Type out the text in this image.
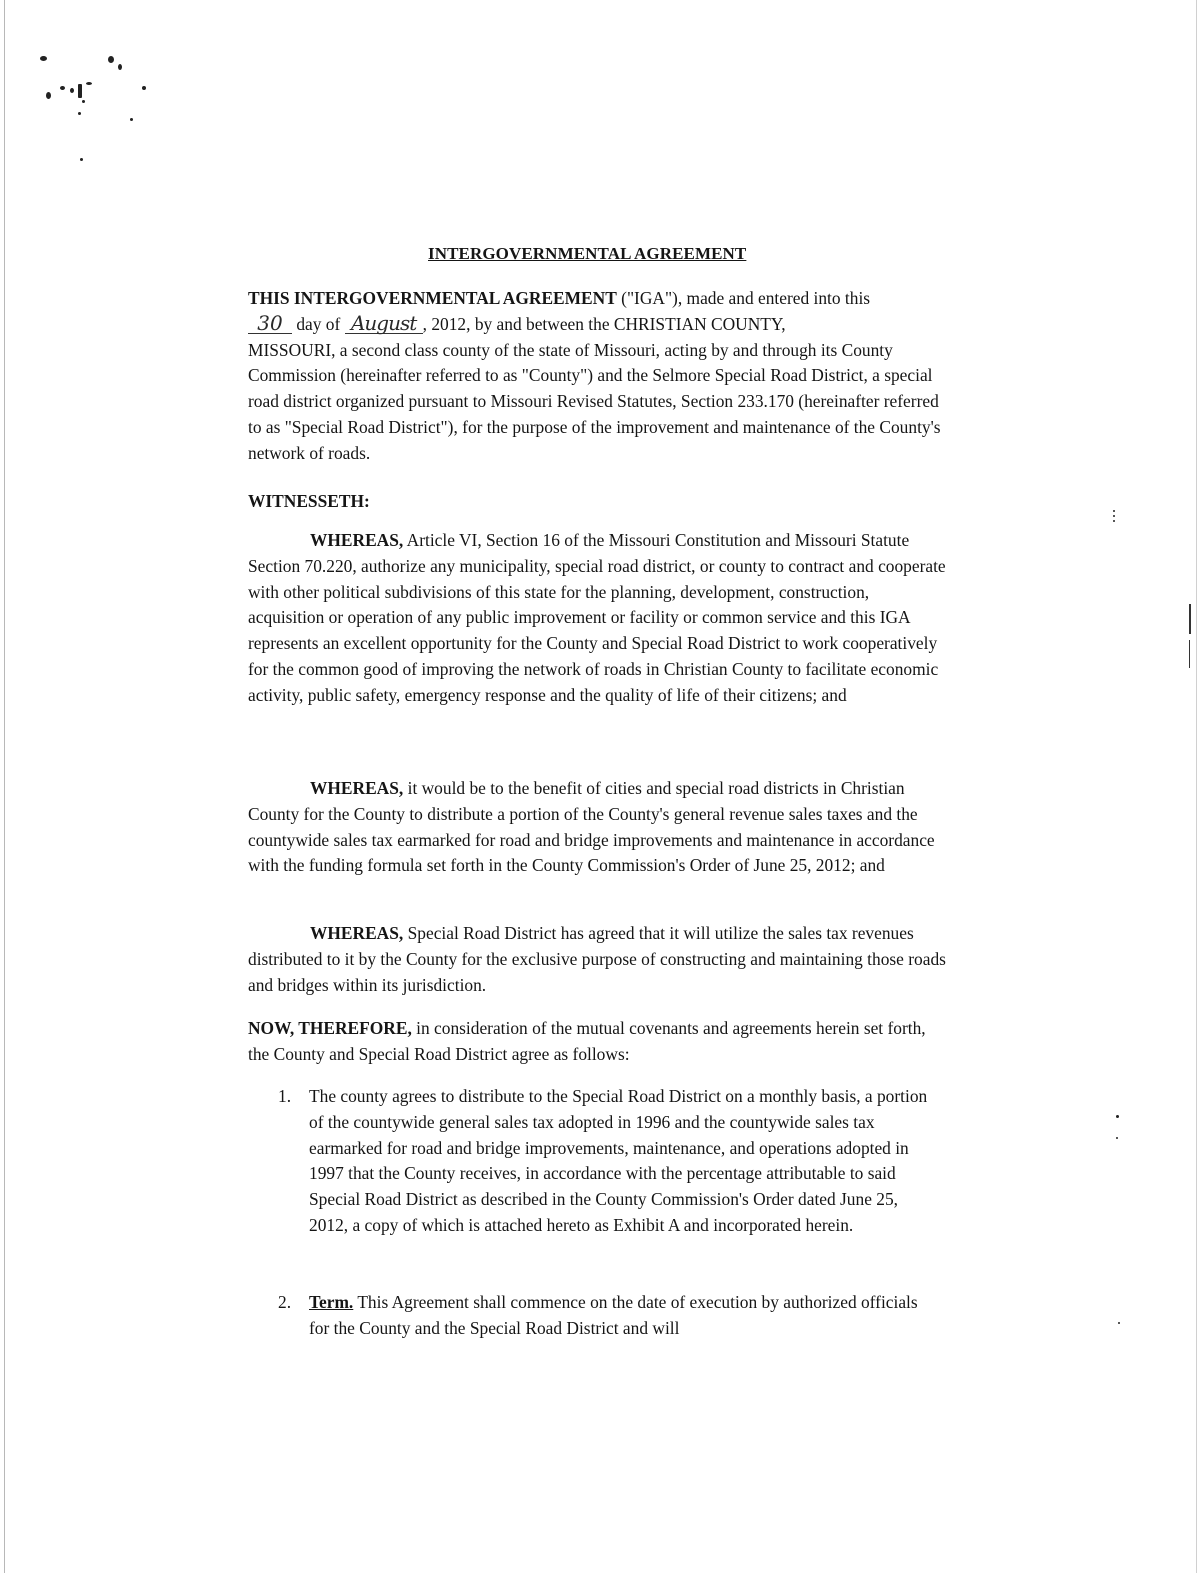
INTERGOVERNMENTAL AGREEMENT

THIS INTERGOVERNMENTAL AGREEMENT ("IGA"), made and entered into this
30 day of August , 2012, by and between the CHRISTIAN COUNTY,
MISSOURI, a second class county of the state of Missouri, acting by and through its County Commission (hereinafter referred to as "County") and the Selmore Special Road District, a special road district organized pursuant to Missouri Revised Statutes, Section 233.170 (hereinafter referred to as "Special Road District"), for the purpose of the improvement and maintenance of the County's network of roads.

WITNESSETH:

WHEREAS, Article VI, Section 16 of the Missouri Constitution and Missouri Statute Section 70.220, authorize any municipality, special road district, or county to contract and cooperate with other political subdivisions of this state for the planning, development, construction, acquisition or operation of any public improvement or facility or common service and this IGA represents an excellent opportunity for the County and Special Road District to work cooperatively for the common good of improving the network of roads in Christian County to facilitate economic activity, public safety, emergency response and the quality of life of their citizens; and

WHEREAS, it would be to the benefit of cities and special road districts in Christian County for the County to distribute a portion of the County's general revenue sales taxes and the countywide sales tax earmarked for road and bridge improvements and maintenance in accordance with the funding formula set forth in the County Commission's Order of June 25, 2012; and

WHEREAS, Special Road District has agreed that it will utilize the sales tax revenues distributed to it by the County for the exclusive purpose of constructing and maintaining those roads and bridges within its jurisdiction.

NOW, THEREFORE, in consideration of the mutual covenants and agreements herein set forth, the County and Special Road District agree as follows:

1.	The county agrees to distribute to the Special Road District on a monthly basis, a portion of the countywide general sales tax adopted in 1996 and the countywide sales tax earmarked for road and bridge improvements, maintenance, and operations adopted in 1997 that the County receives, in accordance with the percentage attributable to said Special Road District as described in the County Commission's Order dated June 25, 2012, a copy of which is attached hereto as Exhibit A and incorporated herein.
2.	Term. This Agreement shall commence on the date of execution by authorized officials for the County and the Special Road District and will
